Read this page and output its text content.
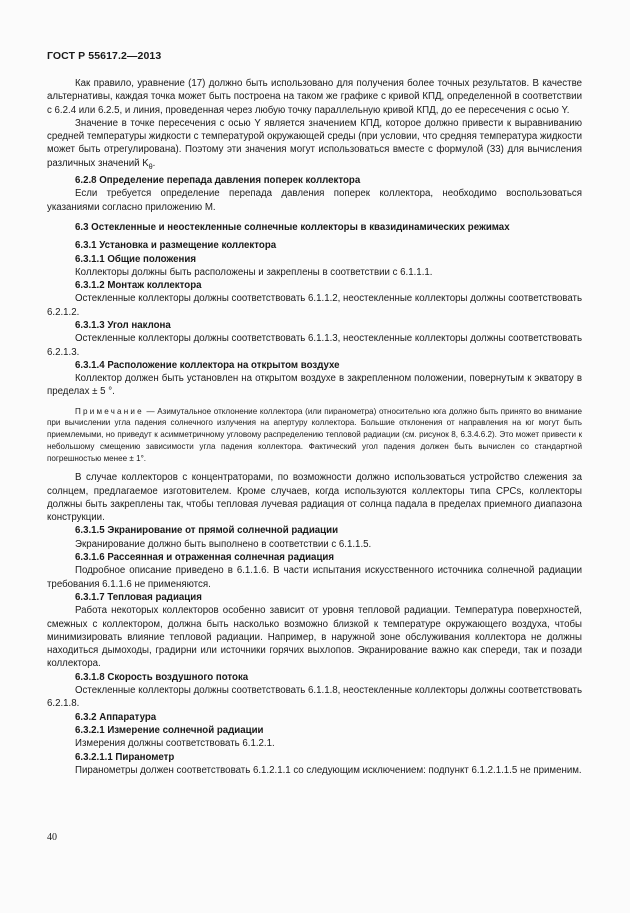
ГОСТ Р 55617.2—2013

Как правило, уравнение (17) должно быть использовано для получения более точных результатов. В качестве альтернативы, каждая точка может быть построена на таком же графике с кривой КПД, определенной в соответствии с 6.2.4 или 6.2.5, и линия, проведенная через любую точку параллельную кривой КПД, до ее пересечения с осью Y.

Значение в точке пересечения с осью Y является значением КПД, которое должно привести к выравниванию средней температуры жидкости с температурой окружающей среды (при условии, что средняя температура жидкости может быть отрегулирована). Поэтому эти значения могут использоваться вместе с формулой (33) для вычисления различных значений $K_\theta$.

6.2.8 Определение перепада давления поперек коллектора

Если требуется определение перепада давления поперек коллектора, необходимо воспользоваться указаниями согласно приложению М.

6.3 Остекленные и неостекленные солнечные коллекторы в квазидинамических режимах

6.3.1 Установка и размещение коллектора

6.3.1.1 Общие положения

Коллекторы должны быть расположены и закреплены в соответствии с 6.1.1.1.

6.3.1.2 Монтаж коллектора

Остекленные коллекторы должны соответствовать 6.1.1.2, неостекленные коллекторы должны соответствовать 6.2.1.2.

6.3.1.3 Угол наклона

Остекленные коллекторы должны соответствовать 6.1.1.3, неостекленные коллекторы должны соответствовать 6.2.1.3.

6.3.1.4 Расположение коллектора на открытом воздухе

Коллектор должен быть установлен на открытом воздухе в закрепленном положении, повернутым к экватору в пределах ± 5 °.

Примечание — Азимутальное отклонение коллектора (или пиранометра) относительно юга должно быть принято во внимание при вычислении угла падения солнечного излучения на апертуру коллектора. Большие отклонения от направления на юг могут быть приемлемыми, но приведут к асимметричному угловому распределению тепловой радиации (см. рисунок 8, 6.3.4.6.2). Это может привести к небольшому смещению зависимости угла падения коллектора. Фактический угол падения должен быть вычислен со стандартной погрешностью менее ± 1°.

В случае коллекторов с концентраторами, по возможности должно использоваться устройство слежения за солнцем, предлагаемое изготовителем. Кроме случаев, когда используются коллекторы типа CPCs, коллекторы должны быть закреплены так, чтобы тепловая лучевая радиация от солнца падала в пределах приемного диапазона конструкции.

6.3.1.5 Экранирование от прямой солнечной радиации

Экранирование должно быть выполнено в соответствии с 6.1.1.5.

6.3.1.6 Рассеянная и отраженная солнечная радиация

Подробное описание приведено в 6.1.1.6. В части испытания искусственного источника солнечной радиации требования 6.1.1.6 не применяются.

6.3.1.7 Тепловая радиация

Работа некоторых коллекторов особенно зависит от уровня тепловой радиации. Температура поверхностей, смежных с коллектором, должна быть насколько возможно близкой к температуре окружающего воздуха, чтобы минимизировать влияние тепловой радиации. Например, в наружной зоне обслуживания коллектора не должны находиться дымоходы, градирни или источники горячих выхлопов. Экранирование важно как спереди, так и позади коллектора.

6.3.1.8 Скорость воздушного потока

Остекленные коллекторы должны соответствовать 6.1.1.8, неостекленные коллекторы должны соответствовать 6.2.1.8.

6.3.2 Аппаратура

6.3.2.1 Измерение солнечной радиации

Измерения должны соответствовать 6.1.2.1.

6.3.2.1.1 Пиранометр

Пиранометры должен соответствовать 6.1.2.1.1 со следующим исключением: подпункт 6.1.2.1.1.5 не применим.

40
